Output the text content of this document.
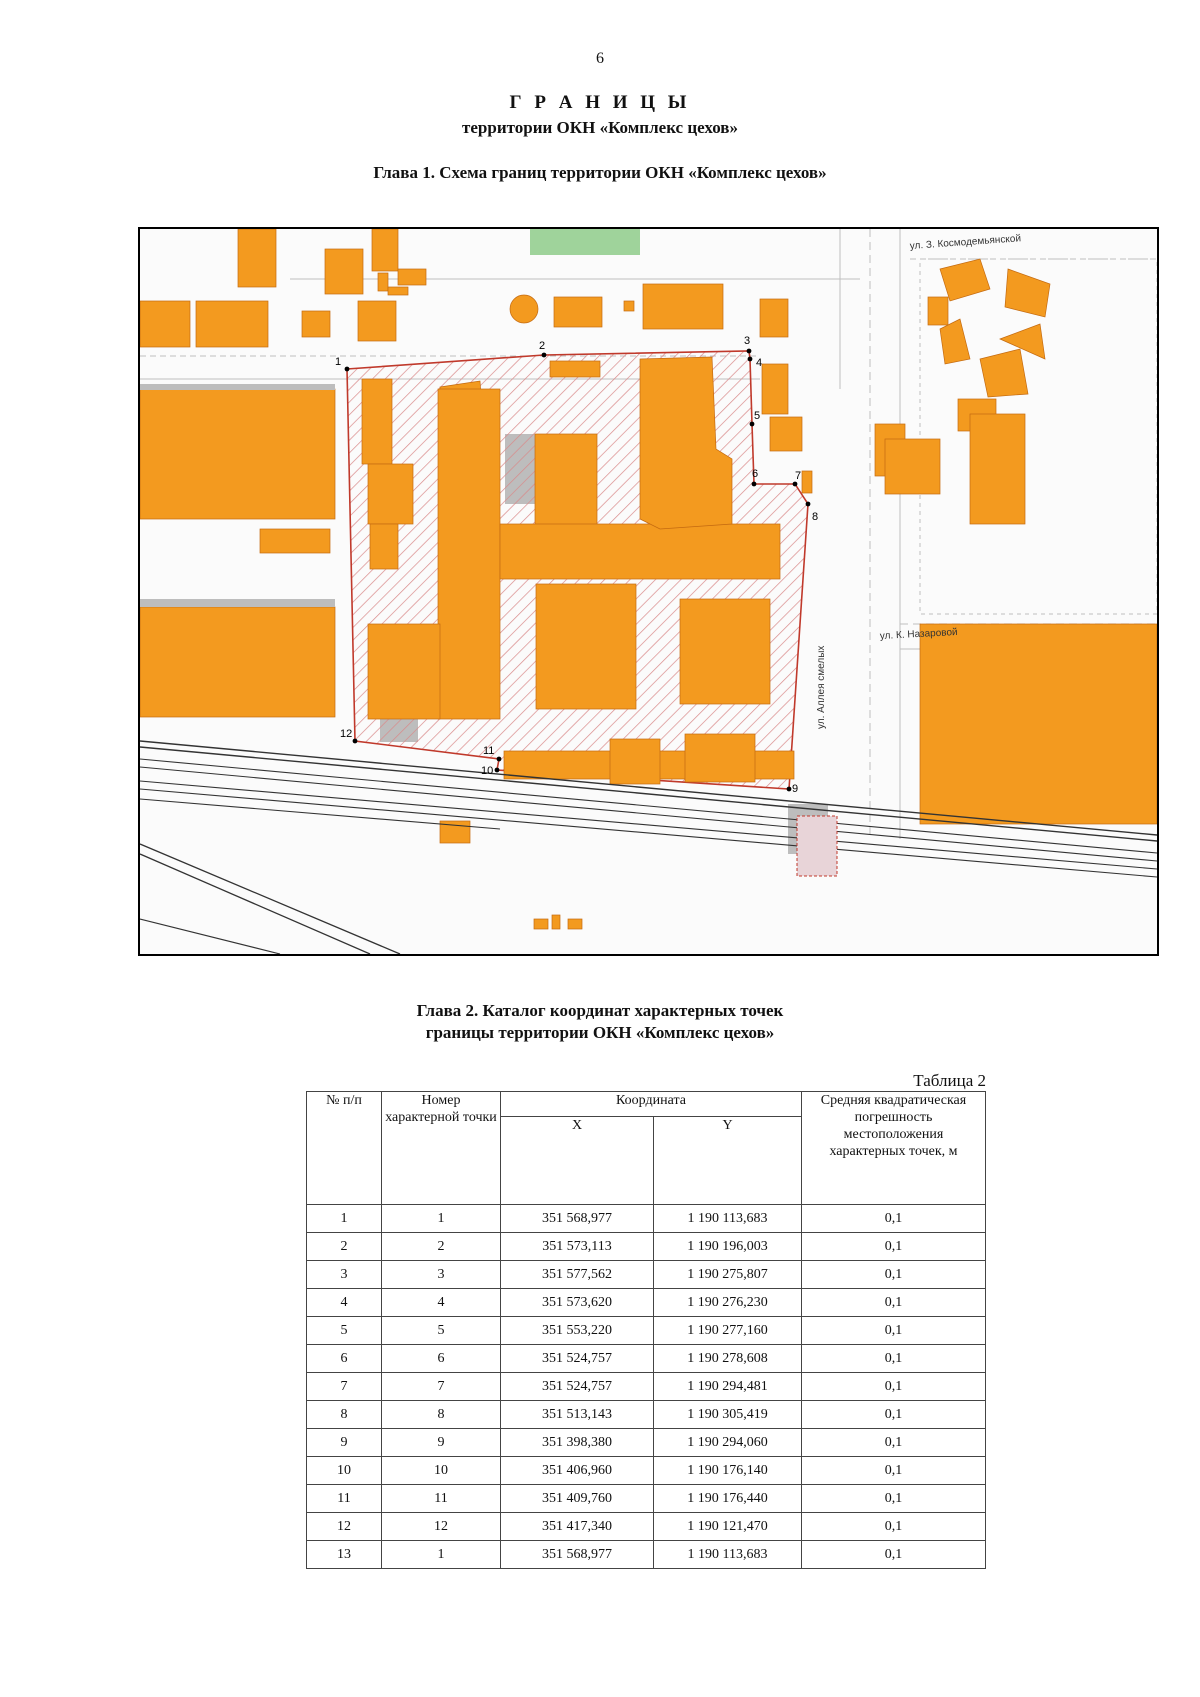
6
Г Р А Н И Ц Ы
территории ОКН «Комплекс цехов»
Глава 1. Схема границ территории ОКН «Комплекс цехов»
1
2	3
4
5
6	7
8
9
10
11
12
ул. З. Космодемьянской
ул. К. Назаровой
ул. Аллея смелых
Глава 2. Каталог координат характерных точек
границы территории ОКН «Комплекс цехов»
Таблица 2
№ п/п	Номер характерной точки	Координата		Средняя квадратическая погрешность местоположения характерных точек, м
		X	Y	
1	1	351 568,977	1 190 113,683	0,1
2	2	351 573,113	1 190 196,003	0,1
3	3	351 577,562	1 190 275,807	0,1
4	4	351 573,620	1 190 276,230	0,1
5	5	351 553,220	1 190 277,160	0,1
6	6	351 524,757	1 190 278,608	0,1
7	7	351 524,757	1 190 294,481	0,1
8	8	351 513,143	1 190 305,419	0,1
9	9	351 398,380	1 190 294,060	0,1
10	10	351 406,960	1 190 176,140	0,1
11	11	351 409,760	1 190 176,440	0,1
12	12	351 417,340	1 190 121,470	0,1
13	1	351 568,977	1 190 113,683	0,1
